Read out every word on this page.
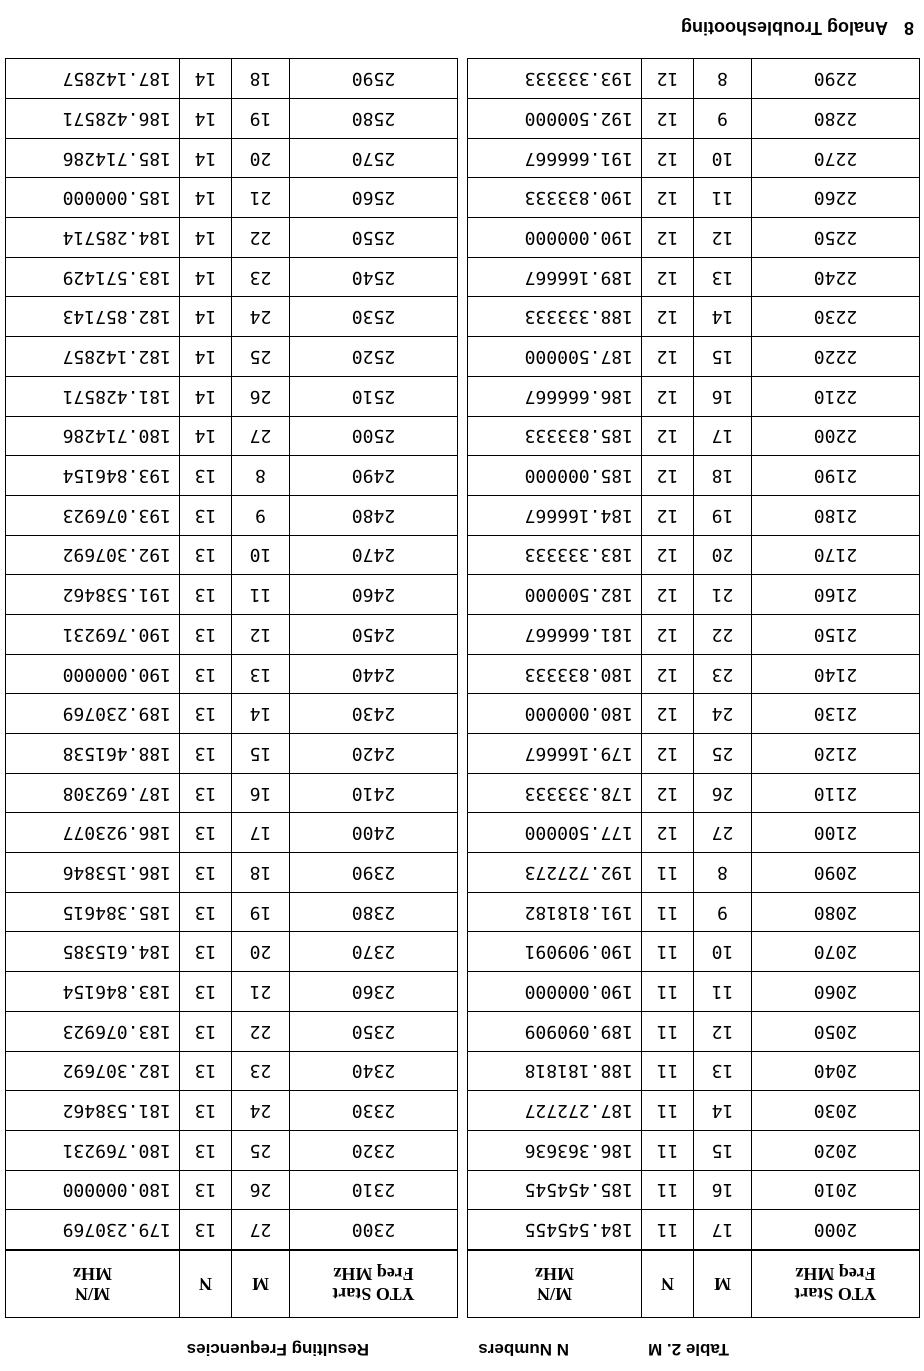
Table 2. M
N Numbers
Resulting Frequencies
YTO Start
Freq MHz	M	N	M/N
MHz
2000	17	11	184.545455
2010	16	11	185.454545
2020	15	11	186.363636
2030	14	11	187.272727
2040	13	11	188.181818
2050	12	11	189.090909
2060	11	11	190.000000
2070	10	11	190.909091
2080	9	11	191.818182
2090	8	11	192.727273
2100	27	12	177.500000
2110	26	12	178.333333
2120	25	12	179.166667
2130	24	12	180.000000
2140	23	12	180.833333
2150	22	12	181.666667
2160	21	12	182.500000
2170	20	12	183.333333
2180	19	12	184.166667
2190	18	12	185.000000
2200	17	12	185.833333
2210	16	12	186.666667
2220	15	12	187.500000
2230	14	12	188.333333
2240	13	12	189.166667
2250	12	12	190.000000
2260	11	12	190.833333
2270	10	12	191.666667
2280	9	12	192.500000
2290	8	12	193.333333
YTO Start
Freq MHz	M	N	M/N
MHz
2300	27	13	179.230769
2310	26	13	180.000000
2320	25	13	180.769231
2330	24	13	181.538462
2340	23	13	182.307692
2350	22	13	183.076923
2360	21	13	183.846154
2370	20	13	184.615385
2380	19	13	185.384615
2390	18	13	186.153846
2400	17	13	186.923077
2410	16	13	187.692308
2420	15	13	188.461538
2430	14	13	189.230769
2440	13	13	190.000000
2450	12	13	190.769231
2460	11	13	191.538462
2470	10	13	192.307692
2480	9	13	193.076923
2490	8	13	193.846154
2500	27	14	180.714286
2510	26	14	181.428571
2520	25	14	182.142857
2530	24	14	182.857143
2540	23	14	183.571429
2550	22	14	184.285714
2560	21	14	185.000000
2570	20	14	185.714286
2580	19	14	186.428571
2590	18	14	187.142857
8
Analog Troubleshooting
